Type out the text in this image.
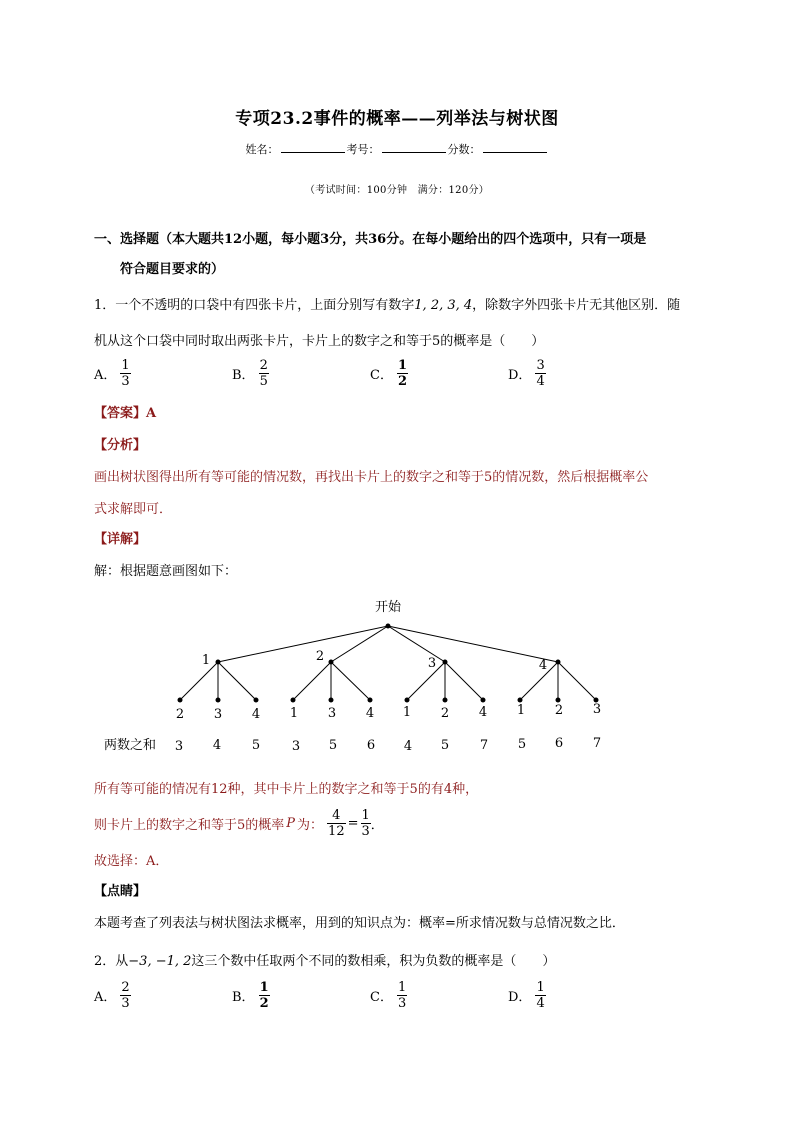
专项23.2事件的概率——列举法与树状图
姓名：	考号：	分数：
（考试时间：100分钟　满分：120分）
一、选择题（本大题共12小题，每小题3分，共36分。在每小题给出的四个选项中，只有一项是
符合题目要求的）
1．一个不透明的口袋中有四张卡片，上面分别写有数字1, 2, 3, 4，除数字外四张卡片无其他区别．随
机从这个口袋中同时取出两张卡片，卡片上的数字之和等于5的概率是（　　）
A． $\frac{1}{3}$	B． $\frac{2}{5}$	C． $\frac{1}{2}$	D． $\frac{3}{4}$
【答案】A
【分析】
画出树状图得出所有等可能的情况数，再找出卡片上的数字之和等于5的情况数，然后根据概率公
式求解即可．
【详解】
解：根据题意画图如下：
开始
1	2	3	4
2 3 4 1 3 4 1 2 4 1 2 3
两数之和 3 4 5 3 5 6 4 5 7 5 6 7
所有等可能的情况有12种，其中卡片上的数字之和等于5的有4种，
则卡片上的数字之和等于5的概率 P 为： $\frac{4}{12} = \frac{1}{3}$ ．
故选择：A．
【点睛】
本题考查了列表法与树状图法求概率，用到的知识点为：概率=所求情况数与总情况数之比．
2．从−3, −1, 2这三个数中任取两个不同的数相乘，积为负数的概率是（　　）
A． $\frac{2}{3}$	B． $\frac{1}{2}$	C． $\frac{1}{3}$	D． $\frac{1}{4}$
